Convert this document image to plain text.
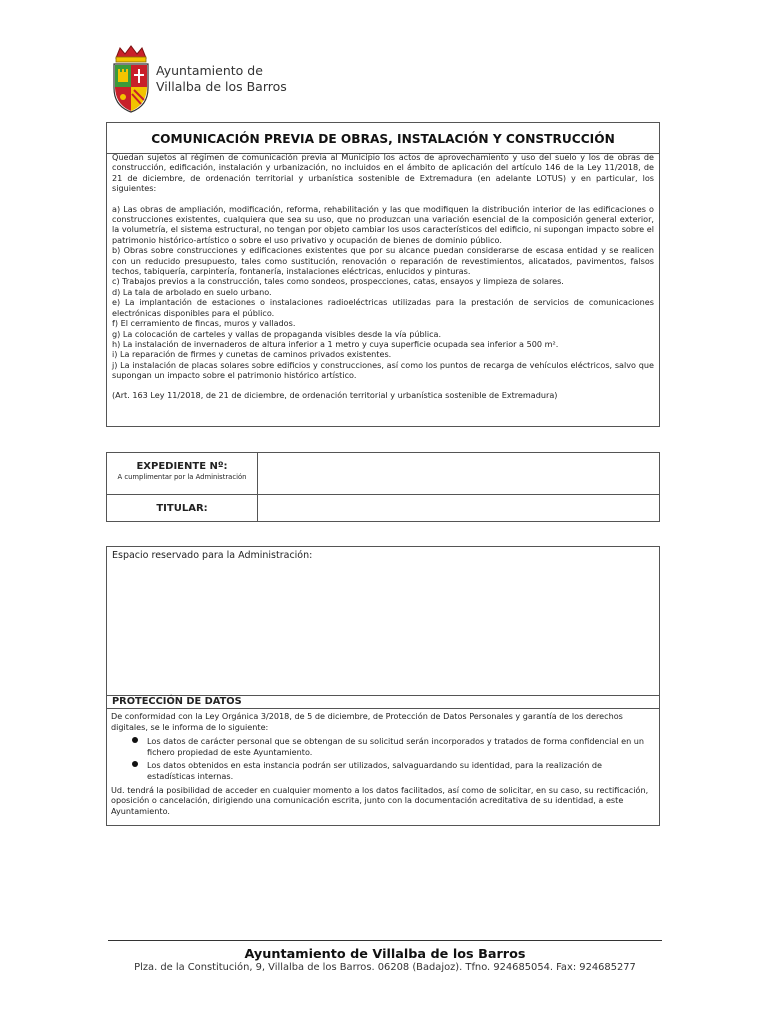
Ayuntamiento de
Villalba de los Barros
COMUNICACIÓN PREVIA DE OBRAS, INSTALACIÓN Y CONSTRUCCIÓN

Quedan sujetos al régimen de comunicación previa al Municipio los actos de aprovechamiento y uso del suelo y los de obras de construcción, edificación, instalación y urbanización, no incluidos en el ámbito de aplicación del artículo 146 de la Ley 11/2018, de 21 de diciembre, de ordenación territorial y urbanística sostenible de Extremadura (en adelante LOTUS) y en particular, los siguientes:

a) Las obras de ampliación, modificación, reforma, rehabilitación y las que modifiquen la distribución interior de las edificaciones o construcciones existentes, cualquiera que sea su uso, que no produzcan una variación esencial de la composición general exterior, la volumetría, el sistema estructural, no tengan por objeto cambiar los usos característicos del edificio, ni supongan impacto sobre el patrimonio histórico-artístico o sobre el uso privativo y ocupación de bienes de dominio público.

b) Obras sobre construcciones y edificaciones existentes que por su alcance puedan considerarse de escasa entidad y se realicen con un reducido presupuesto, tales como sustitución, renovación o reparación de revestimientos, alicatados, pavimentos, falsos techos, tabiquería, carpintería, fontanería, instalaciones eléctricas, enlucidos y pinturas.

c) Trabajos previos a la construcción, tales como sondeos, prospecciones, catas, ensayos y limpieza de solares.

d) La tala de arbolado en suelo urbano.

e) La implantación de estaciones o instalaciones radioeléctricas utilizadas para la prestación de servicios de comunicaciones electrónicas disponibles para el público.

f) El cerramiento de fincas, muros y vallados.

g) La colocación de carteles y vallas de propaganda visibles desde la vía pública.

h) La instalación de invernaderos de altura inferior a 1 metro y cuya superficie ocupada sea inferior a 500 m².

i) La reparación de firmes y cunetas de caminos privados existentes.

j) La instalación de placas solares sobre edificios y construcciones, así como los puntos de recarga de vehículos eléctricos, salvo que supongan un impacto sobre el patrimonio histórico artístico.

(Art. 163 Ley 11/2018, de 21 de diciembre, de ordenación territorial y urbanística sostenible de Extremadura)

EXPEDIENTE Nº:
A cumplimentar por la Administración
TITULAR:
Espacio reservado para la Administración:
PROTECCIÓN DE DATOS

De conformidad con la Ley Orgánica 3/2018, de 5 de diciembre, de Protección de Datos Personales y garantía de los derechos digitales, se le informa de lo siguiente:

Los datos de carácter personal que se obtengan de su solicitud serán incorporados y tratados de forma confidencial en un fichero propiedad de este Ayuntamiento.
Los datos obtenidos en esta instancia podrán ser utilizados, salvaguardando su identidad, para la realización de estadísticas internas.

Ud. tendrá la posibilidad de acceder en cualquier momento a los datos facilitados, así como de solicitar, en su caso, su rectificación, oposición o cancelación, dirigiendo una comunicación escrita, junto con la documentación acreditativa de su identidad, a este Ayuntamiento.

Ayuntamiento de Villalba de los Barros
Plza. de la Constitución, 9, Villalba de los Barros. 06208 (Badajoz). Tfno. 924685054. Fax: 924685277
